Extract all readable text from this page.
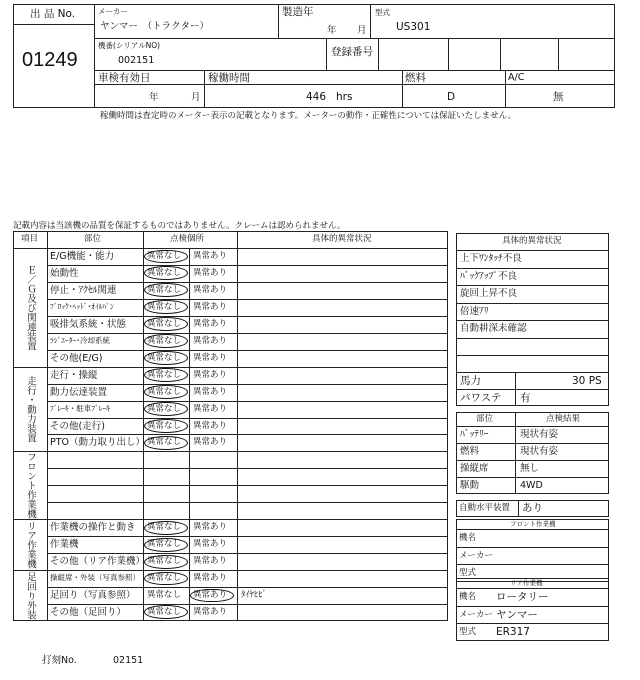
出 品 No.
01249
メーカー
ヤンマー　（トラクター）
製造年
年 月
型式
US301
機番(シリアルNO)
002151
登録番号
車検有効日
年	月
稼働時間
446 hrs
燃料
D
A/C
無
稼働時間は査定時のメーター表示の記載となります。メーターの動作・正確性については保証いたしません。
記載内容は当該機の品質を保証するものではありません。クレームは認められません。
項目	部位	点検個所	具体的異常状況
E/G機能・能力	異常なし 異常あり
始動性	異常なし 異常あり
停止・ｱｸｾﾙ関連	異常なし 異常あり
ﾌﾞﾛｯｸ･ﾍｯﾄﾞ･ｵｲﾙﾊﾟﾝ	異常なし 異常あり
吸排気系統・状態 異常なし 異常あり
ﾗｼﾞｴｰﾀｰ･冷却系統	異常なし 異常あり
その他(E/G)	異常なし 異常あり
Ｅ／Ｇ及び関連装置
走行・操縦	異常なし 異常あり
動力伝達装置	異常なし 異常あり
ﾌﾞﾚｰｷ・駐車ﾌﾞﾚｰｷ	異常なし 異常あり
その他(走行)	異常なし 異常あり
PTO（動力取り出し） 異常なし 異常あり
走行・動力装置
フロント作業機
作業機の操作と動き 異常なし 異常あり
作業機	異常なし 異常あり
その他（リア作業機） 異常なし 異常あり
リア作業機
操縦席・外装（写真参照） 異常なし 異常あり
足回り（写真参照） 異常なし 異常あり ﾀｲﾔﾋﾋﾞ
その他（足回り） 異常なし 異常あり
足回り外装
具体的異常状況
上下ﾜﾝﾀｯﾁ不良
ﾊﾞｯｸｱｯﾌﾟ不良
旋回上昇不良
倍速ｱﾘ
自動耕深未確認
馬力	30 PS
パワステ 有
部位	点検結果
ﾊﾞｯﾃﾘｰ	現状有姿
燃料	現状有姿
操縦席	無し
駆動	4WD
自動水平装置 あり
フロント作業機
機名
メーカー
型式
リア作業機
機名 ロータリー
メーカー ヤンマー
型式 ER317
打刻No.	02151
